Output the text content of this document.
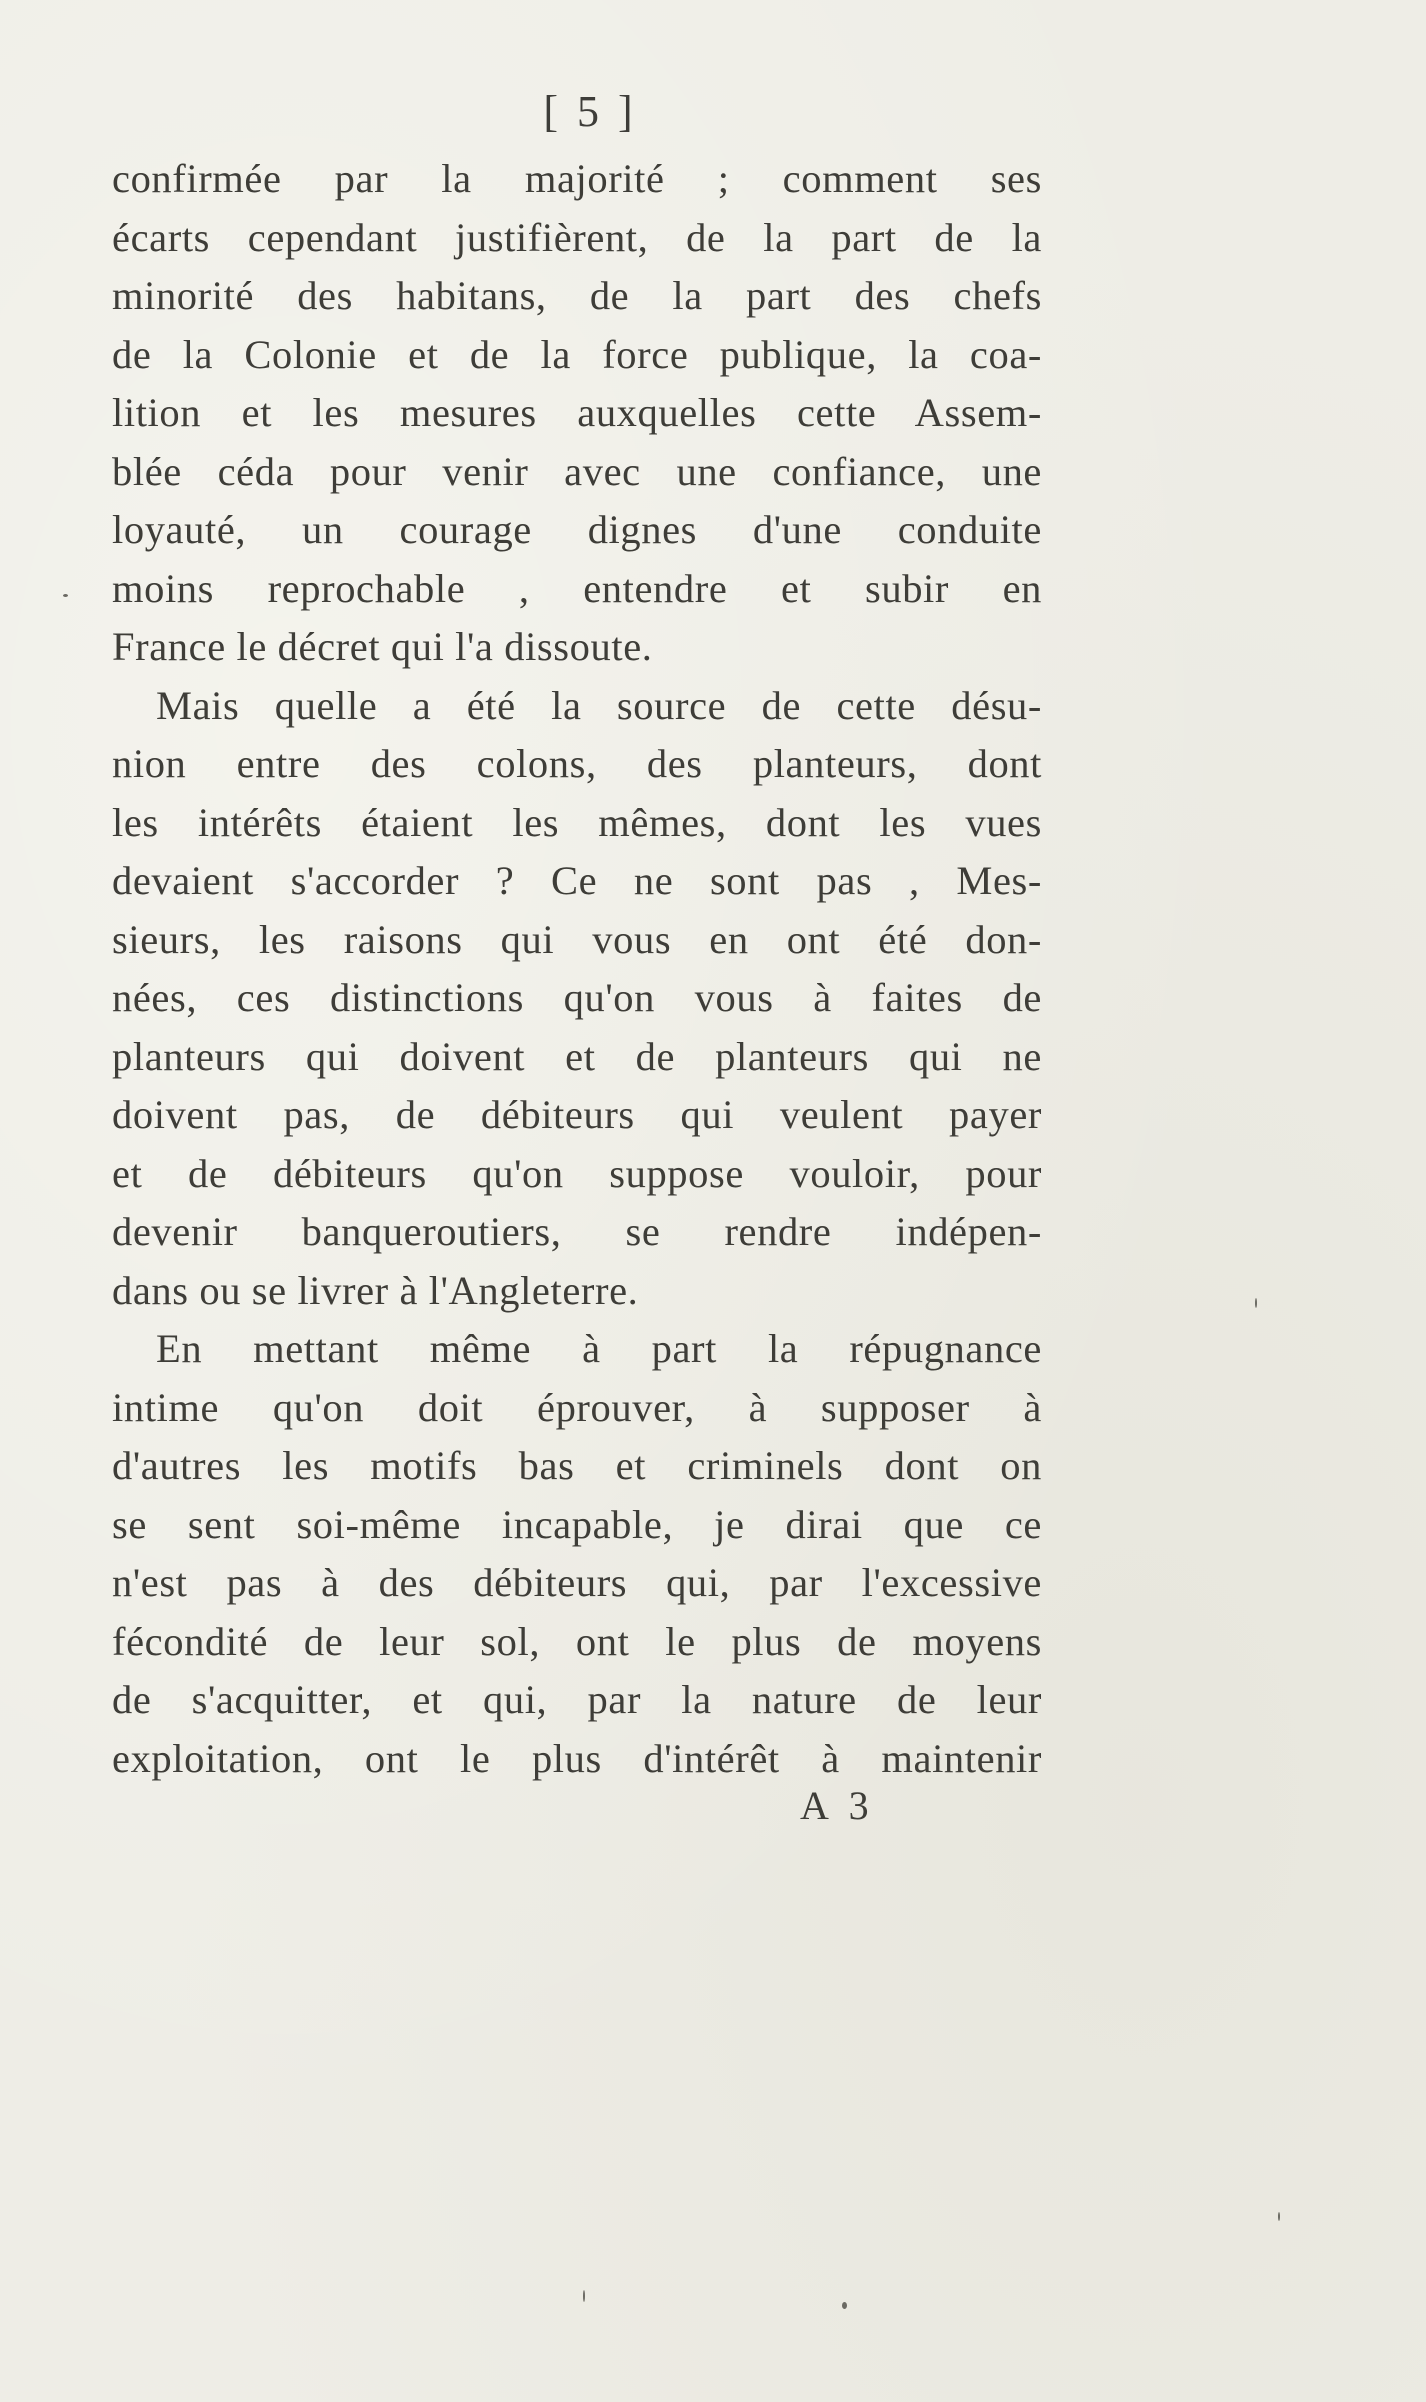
[ 5 ]
confirmée par la majorité ; comment ses
écarts cependant justifièrent, de la part de la
minorité des habitans, de la part des chefs
de la Colonie et de la force publique, la coa-
lition et les mesures auxquelles cette Assem-
blée céda pour venir avec une confiance, une
loyauté, un courage dignes d'une conduite
moins reprochable , entendre et subir en
France le décret qui l'a dissoute.
Mais quelle a été la source de cette désu-
nion entre des colons, des planteurs, dont
les intérêts étaient les mêmes, dont les vues
devaient s'accorder ? Ce ne sont pas , Mes-
sieurs, les raisons qui vous en ont été don-
nées, ces distinctions qu'on vous à faites de
planteurs qui doivent et de planteurs qui ne
doivent pas, de débiteurs qui veulent payer
et de débiteurs qu'on suppose vouloir, pour
devenir banqueroutiers, se rendre indépen-
dans ou se livrer à l'Angleterre.
En mettant même à part la répugnance
intime qu'on doit éprouver, à supposer à
d'autres les motifs bas et criminels dont on
se sent soi-même incapable, je dirai que ce
n'est pas à des débiteurs qui, par l'excessive
fécondité de leur sol, ont le plus de moyens
de s'acquitter, et qui, par la nature de leur
exploitation, ont le plus d'intérêt à maintenir
A 3
